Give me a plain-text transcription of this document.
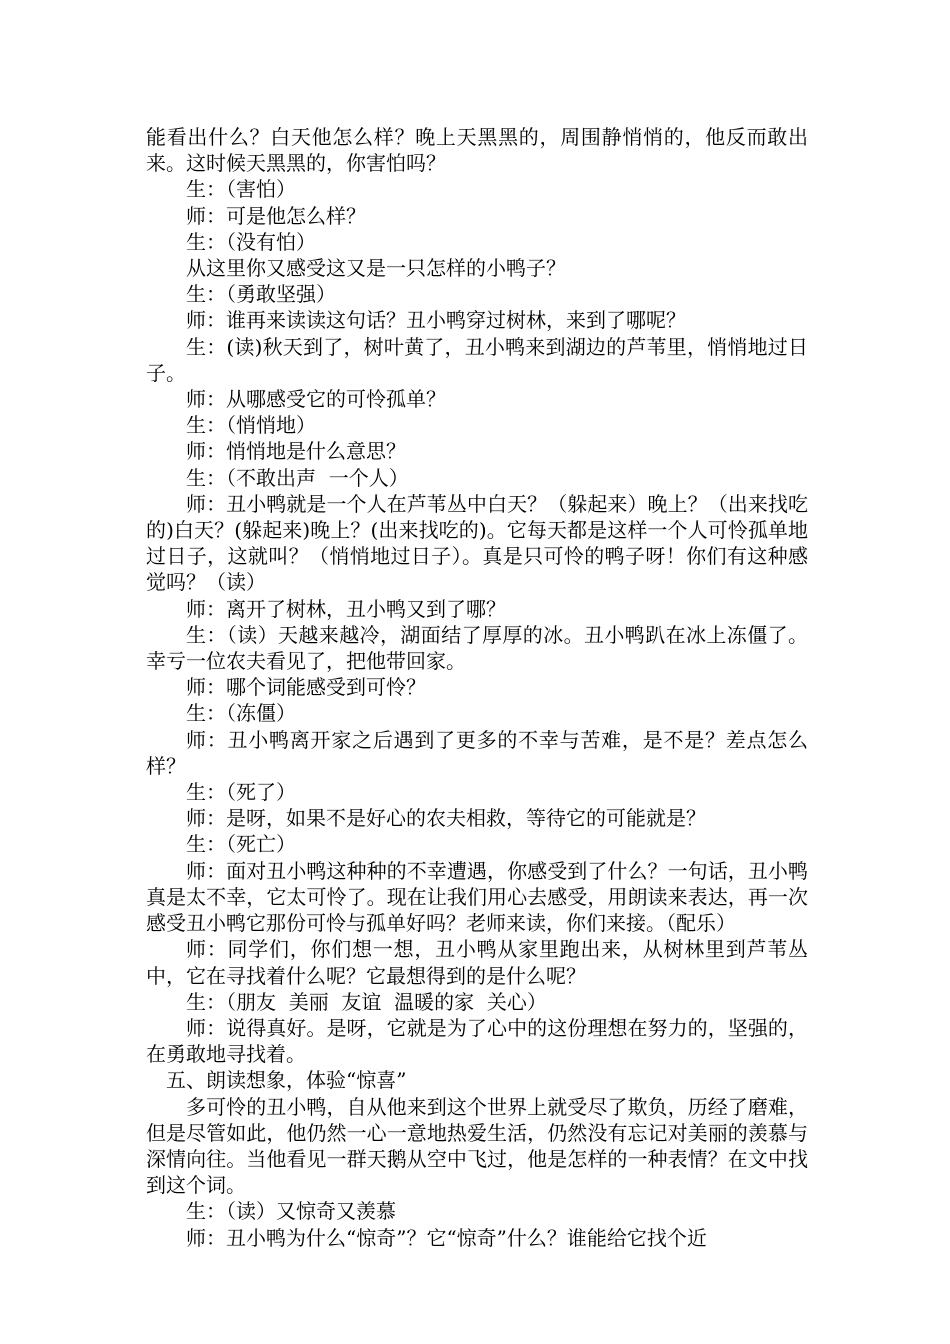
能看出什么？白天他怎么样？晚上天黑黑的，周围静悄悄的，他反而敢出来。这时候天黑黑的，你害怕吗？

生：（害怕）

师：可是他怎么样？

生：（没有怕）

从这里你又感受这又是一只怎样的小鸭子？

生：（勇敢坚强）

师：谁再来读读这句话？丑小鸭穿过树林，来到了哪呢？

生：(读)秋天到了，树叶黄了，丑小鸭来到湖边的芦苇里，悄悄地过日子。

师：从哪感受它的可怜孤单？

生：（悄悄地）

师：悄悄地是什么意思？

生：（不敢出声  一个人）

师：丑小鸭就是一个人在芦苇丛中白天？（躲起来）晚上？（出来找吃的)白天？(躲起来)晚上？(出来找吃的)。它每天都是这样一个人可怜孤单地过日子，这就叫？（悄悄地过日子）。真是只可怜的鸭子呀！你们有这种感觉吗？（读）

师：离开了树林，丑小鸭又到了哪？

生：（读）天越来越冷，湖面结了厚厚的冰。丑小鸭趴在冰上冻僵了。幸亏一位农夫看见了，把他带回家。

师：哪个词能感受到可怜？

生：（冻僵）

师：丑小鸭离开家之后遇到了更多的不幸与苦难，是不是？差点怎么样？

生：（死了）

师：是呀，如果不是好心的农夫相救，等待它的可能就是？

生：（死亡）

师：面对丑小鸭这种种的不幸遭遇，你感受到了什么？一句话，丑小鸭真是太不幸，它太可怜了。现在让我们用心去感受，用朗读来表达，再一次感受丑小鸭它那份可怜与孤单好吗？老师来读，你们来接。（配乐）

师：同学们，你们想一想，丑小鸭从家里跑出来，从树林里到芦苇丛中，它在寻找着什么呢？它最想得到的是什么呢？

生：（朋友  美丽  友谊  温暖的家  关心）

师：说得真好。是呀，它就是为了心中的这份理想在努力的，坚强的，在勇敢地寻找着。

五、朗读想象，体验“惊喜”

多可怜的丑小鸭，自从他来到这个世界上就受尽了欺负，历经了磨难，但是尽管如此，他仍然一心一意地热爱生活，仍然没有忘记对美丽的羡慕与深情向往。当他看见一群天鹅从空中飞过，他是怎样的一种表情？在文中找到这个词。

生：（读）又惊奇又羡慕

师：丑小鸭为什么“惊奇”？它“惊奇”什么？谁能给它找个近
